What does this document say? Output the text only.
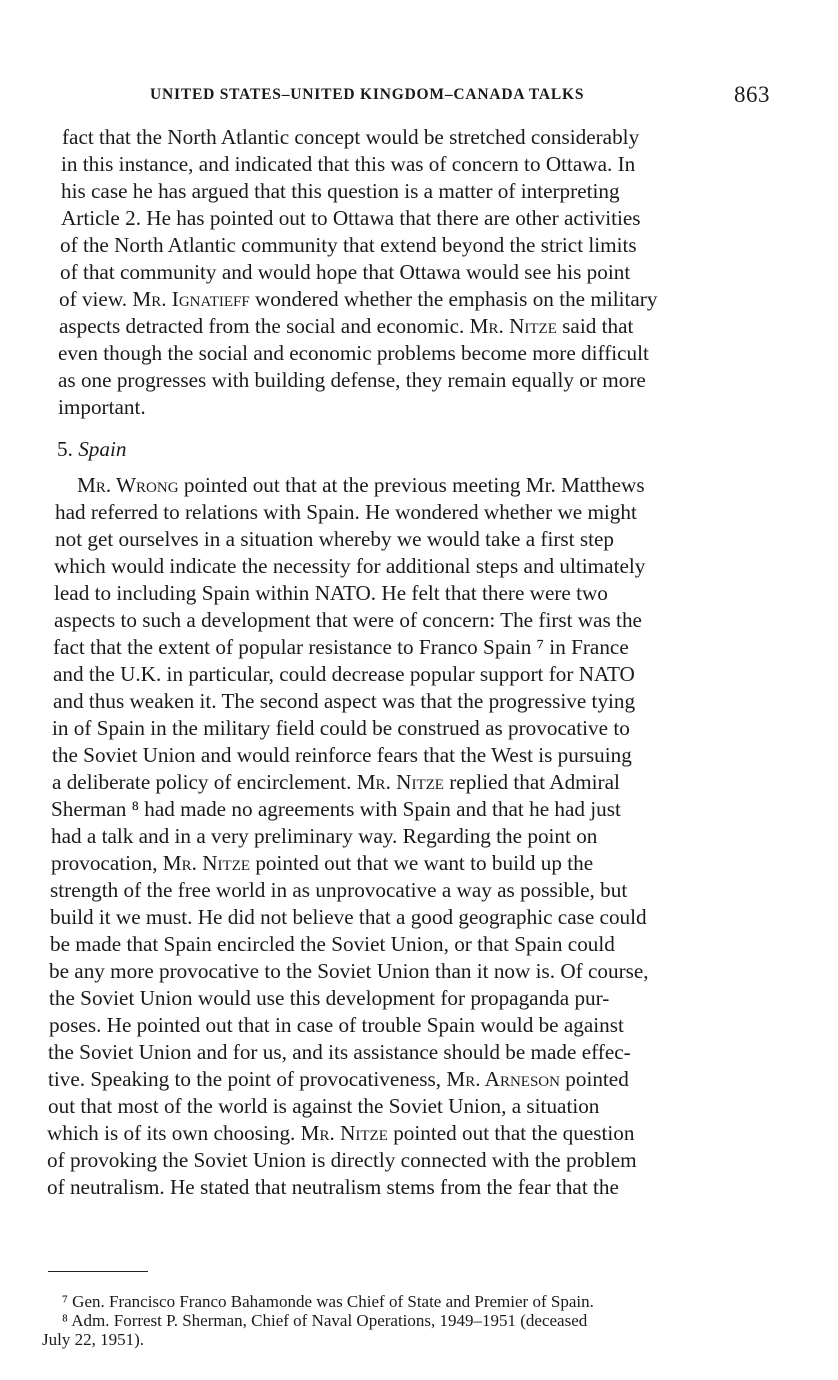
UNITED STATES–UNITED KINGDOM–CANADA TALKS	863
fact that the North Atlantic concept would be stretched considerably
in this instance, and indicated that this was of concern to Ottawa. In
his case he has argued that this question is a matter of interpreting
Article 2. He has pointed out to Ottawa that there are other activities
of the North Atlantic community that extend beyond the strict limits
of that community and would hope that Ottawa would see his point
of view. Mr. Ignatieff wondered whether the emphasis on the military
aspects detracted from the social and economic. Mr. Nitze said that
even though the social and economic problems become more difficult
as one progresses with building defense, they remain equally or more
important.
5. Spain
Mr. Wrong pointed out that at the previous meeting Mr. Matthews
had referred to relations with Spain. He wondered whether we might
not get ourselves in a situation whereby we would take a first step
which would indicate the necessity for additional steps and ultimately
lead to including Spain within NATO. He felt that there were two
aspects to such a development that were of concern: The first was the
fact that the extent of popular resistance to Franco Spain ⁷ in France
and the U.K. in particular, could decrease popular support for NATO
and thus weaken it. The second aspect was that the progressive tying
in of Spain in the military field could be construed as provocative to
the Soviet Union and would reinforce fears that the West is pursuing
a deliberate policy of encirclement. Mr. Nitze replied that Admiral
Sherman ⁸ had made no agreements with Spain and that he had just
had a talk and in a very preliminary way. Regarding the point on
provocation, Mr. Nitze pointed out that we want to build up the
strength of the free world in as unprovocative a way as possible, but
build it we must. He did not believe that a good geographic case could
be made that Spain encircled the Soviet Union, or that Spain could
be any more provocative to the Soviet Union than it now is. Of course,
the Soviet Union would use this development for propaganda pur-
poses. He pointed out that in case of trouble Spain would be against
the Soviet Union and for us, and its assistance should be made effec-
tive. Speaking to the point of provocativeness, Mr. Arneson pointed
out that most of the world is against the Soviet Union, a situation
which is of its own choosing. Mr. Nitze pointed out that the question
of provoking the Soviet Union is directly connected with the problem
of neutralism. He stated that neutralism stems from the fear that the
⁷ Gen. Francisco Franco Bahamonde was Chief of State and Premier of Spain.
⁸ Adm. Forrest P. Sherman, Chief of Naval Operations, 1949–1951 (deceased
July 22, 1951).
